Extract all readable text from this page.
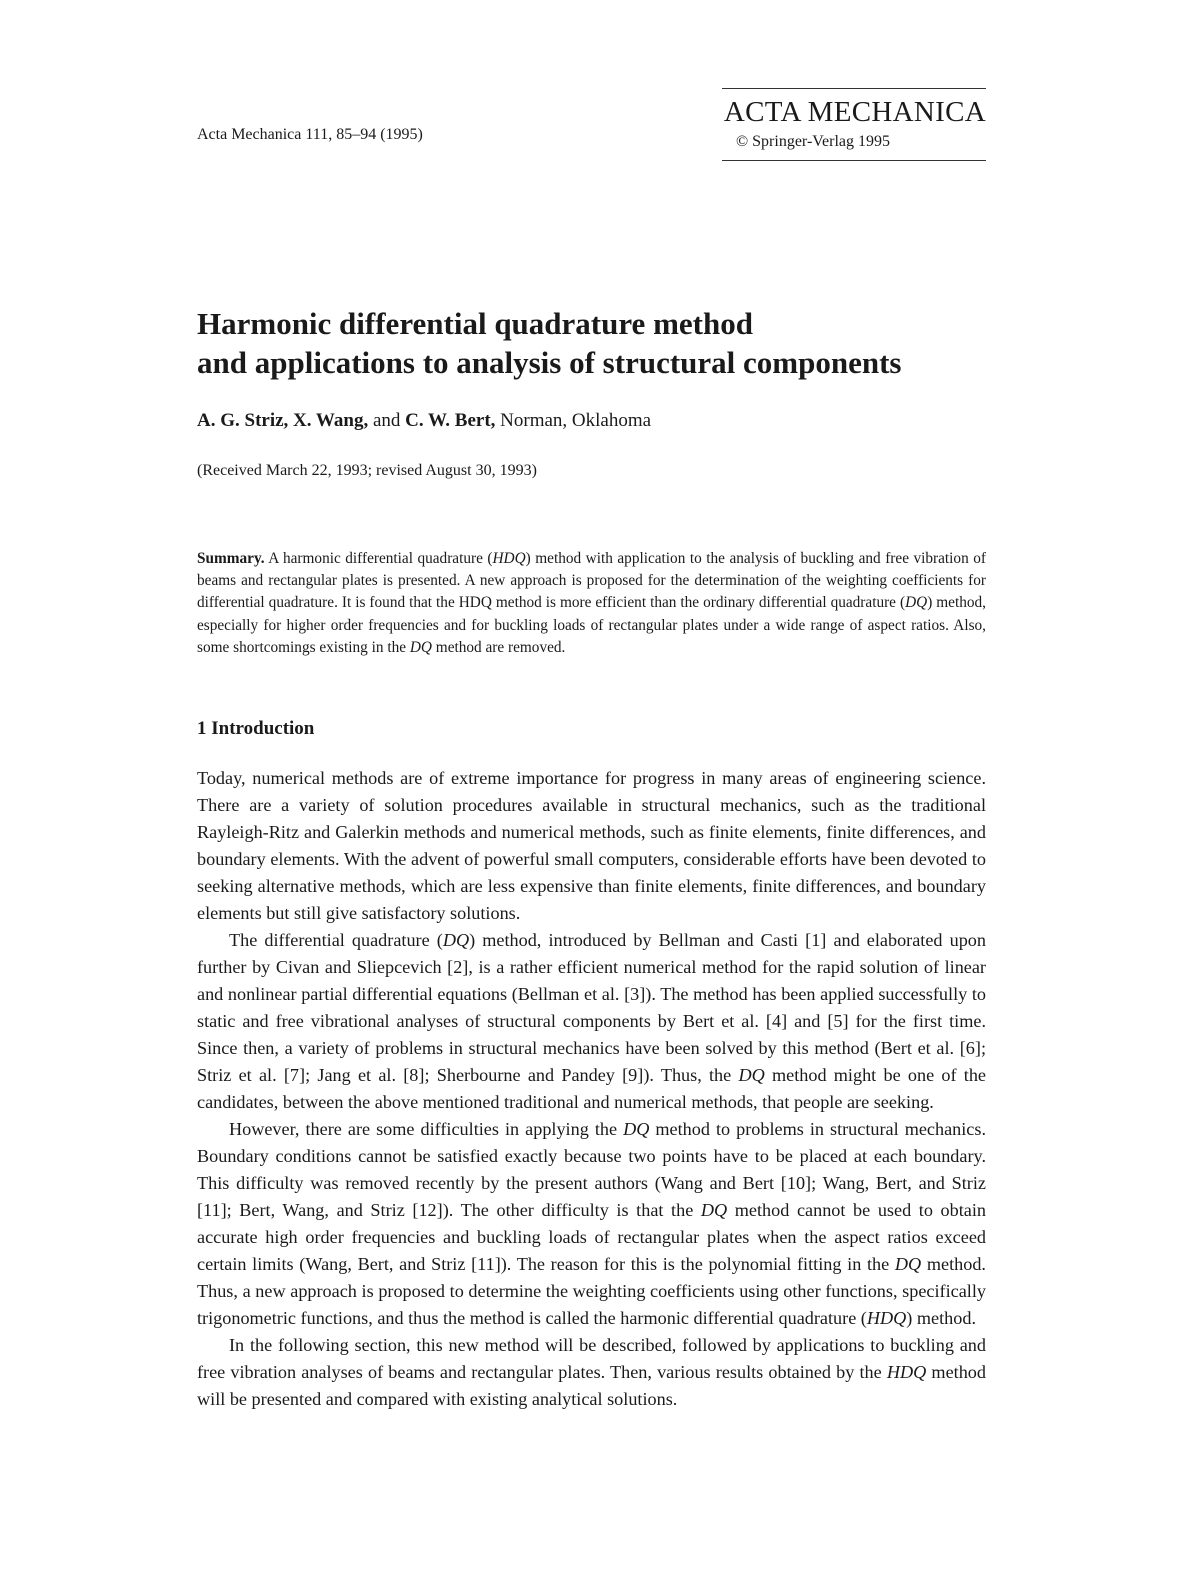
Acta Mechanica 111, 85–94 (1995)
ACTA MECHANICA
© Springer-Verlag 1995
Harmonic differential quadrature method
and applications to analysis of structural components
A. G. Striz, X. Wang, and C. W. Bert, Norman, Oklahoma
(Received March 22, 1993; revised August 30, 1993)

Summary. A harmonic differential quadrature (HDQ) method with application to the analysis of buckling and free vibration of beams and rectangular plates is presented. A new approach is proposed for the determination of the weighting coefficients for differential quadrature. It is found that the HDQ method is more efficient than the ordinary differential quadrature (DQ) method, especially for higher order frequencies and for buckling loads of rectangular plates under a wide range of aspect ratios. Also, some shortcomings existing in the DQ method are removed.

1 Introduction

Today, numerical methods are of extreme importance for progress in many areas of engineering science. There are a variety of solution procedures available in structural mechanics, such as the traditional Rayleigh-Ritz and Galerkin methods and numerical methods, such as finite elements, finite differences, and boundary elements. With the advent of powerful small computers, considerable efforts have been devoted to seeking alternative methods, which are less expensive than finite elements, finite differences, and boundary elements but still give satisfactory solutions.

The differential quadrature (DQ) method, introduced by Bellman and Casti [1] and elaborated upon further by Civan and Sliepcevich [2], is a rather efficient numerical method for the rapid solution of linear and nonlinear partial differential equations (Bellman et al. [3]). The method has been applied successfully to static and free vibrational analyses of structural components by Bert et al. [4] and [5] for the first time. Since then, a variety of problems in structural mechanics have been solved by this method (Bert et al. [6]; Striz et al. [7]; Jang et al. [8]; Sherbourne and Pandey [9]). Thus, the DQ method might be one of the candidates, between the above mentioned traditional and numerical methods, that people are seeking.

However, there are some difficulties in applying the DQ method to problems in structural mechanics. Boundary conditions cannot be satisfied exactly because two points have to be placed at each boundary. This difficulty was removed recently by the present authors (Wang and Bert [10]; Wang, Bert, and Striz [11]; Bert, Wang, and Striz [12]). The other difficulty is that the DQ method cannot be used to obtain accurate high order frequencies and buckling loads of rectangular plates when the aspect ratios exceed certain limits (Wang, Bert, and Striz [11]). The reason for this is the polynomial fitting in the DQ method. Thus, a new approach is proposed to determine the weighting coefficients using other functions, specifically trigonometric functions, and thus the method is called the harmonic differential quadrature (HDQ) method.

In the following section, this new method will be described, followed by applications to buckling and free vibration analyses of beams and rectangular plates. Then, various results obtained by the HDQ method will be presented and compared with existing analytical solutions.
